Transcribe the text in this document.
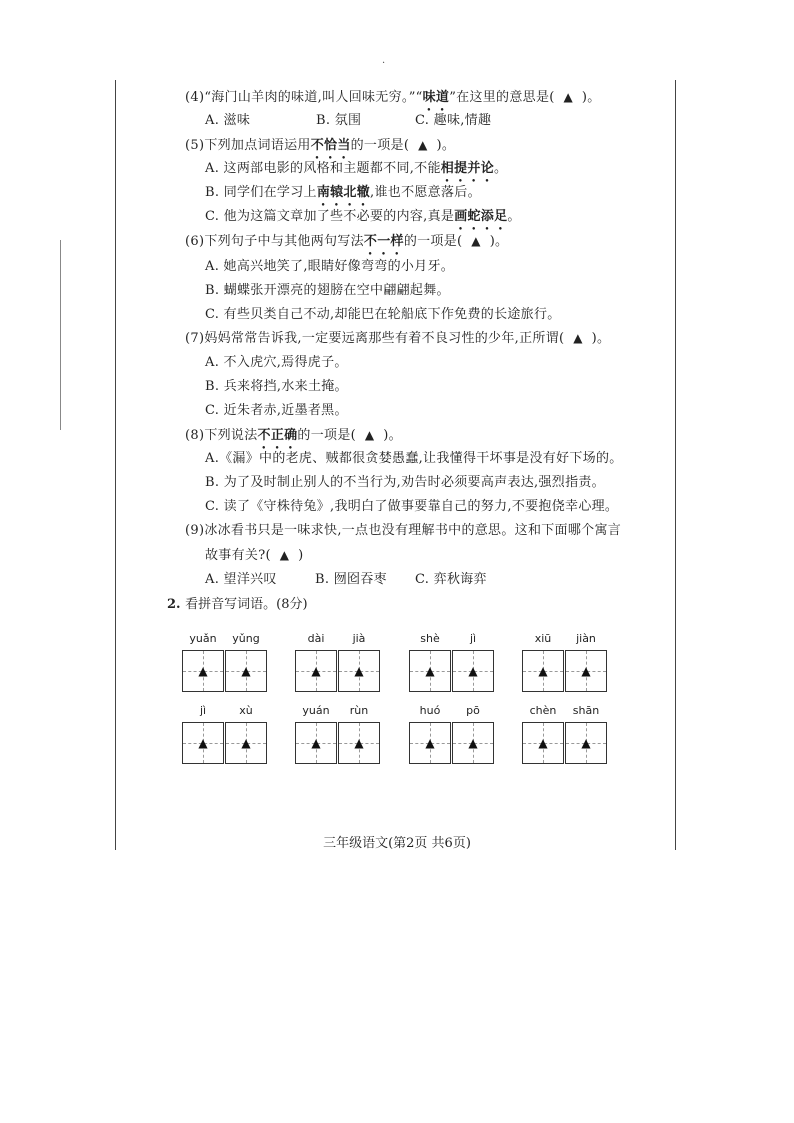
·
(4)“海门山羊肉的味道,叫人回味无穷。”“味道”在这里的意思是( ▲ )。
A. 滋味	B. 氛围	C. 趣味,情趣
(5)下列加点词语运用不恰当的一项是( ▲ )。
A. 这两部电影的风格和主题都不同,不能相提并论。
B. 同学们在学习上南辕北辙,谁也不愿意落后。
C. 他为这篇文章加了些不必要的内容,真是画蛇添足。
(6)下列句子中与其他两句写法不一样的一项是( ▲ )。
A. 她高兴地笑了,眼睛好像弯弯的小月牙。
B. 蝴蝶张开漂亮的翅膀在空中翩翩起舞。
C. 有些贝类自己不动,却能巴在轮船底下作免费的长途旅行。
(7)妈妈常常告诉我,一定要远离那些有着不良习性的少年,正所谓( ▲ )。
A. 不入虎穴,焉得虎子。
B. 兵来将挡,水来土掩。
C. 近朱者赤,近墨者黑。
(8)下列说法不正确的一项是( ▲ )。
A.《漏》中的老虎、贼都很贪婪愚蠢,让我懂得干坏事是没有好下场的。
B. 为了及时制止别人的不当行为,劝告时必须要高声表达,强烈指责。
C. 读了《守株待兔》,我明白了做事要靠自己的努力,不要抱侥幸心理。
(9)冰冰看书只是一味求快,一点也没有理解书中的意思。这和下面哪个寓言
故事有关?( ▲ )
A. 望洋兴叹	B. 囫囵吞枣 C. 弈秋诲弈
2. 看拼音写词语。(8分)
yuǎn	yǔng
▲	▲
dài	jià
▲	▲
shè	jì
▲	▲
xiū	jiàn
▲	▲
jì	xù
▲	▲
yuán	rùn
▲	▲
huó	pō
▲	▲
chèn	shān
▲	▲
三年级语文(第2页 共6页)
